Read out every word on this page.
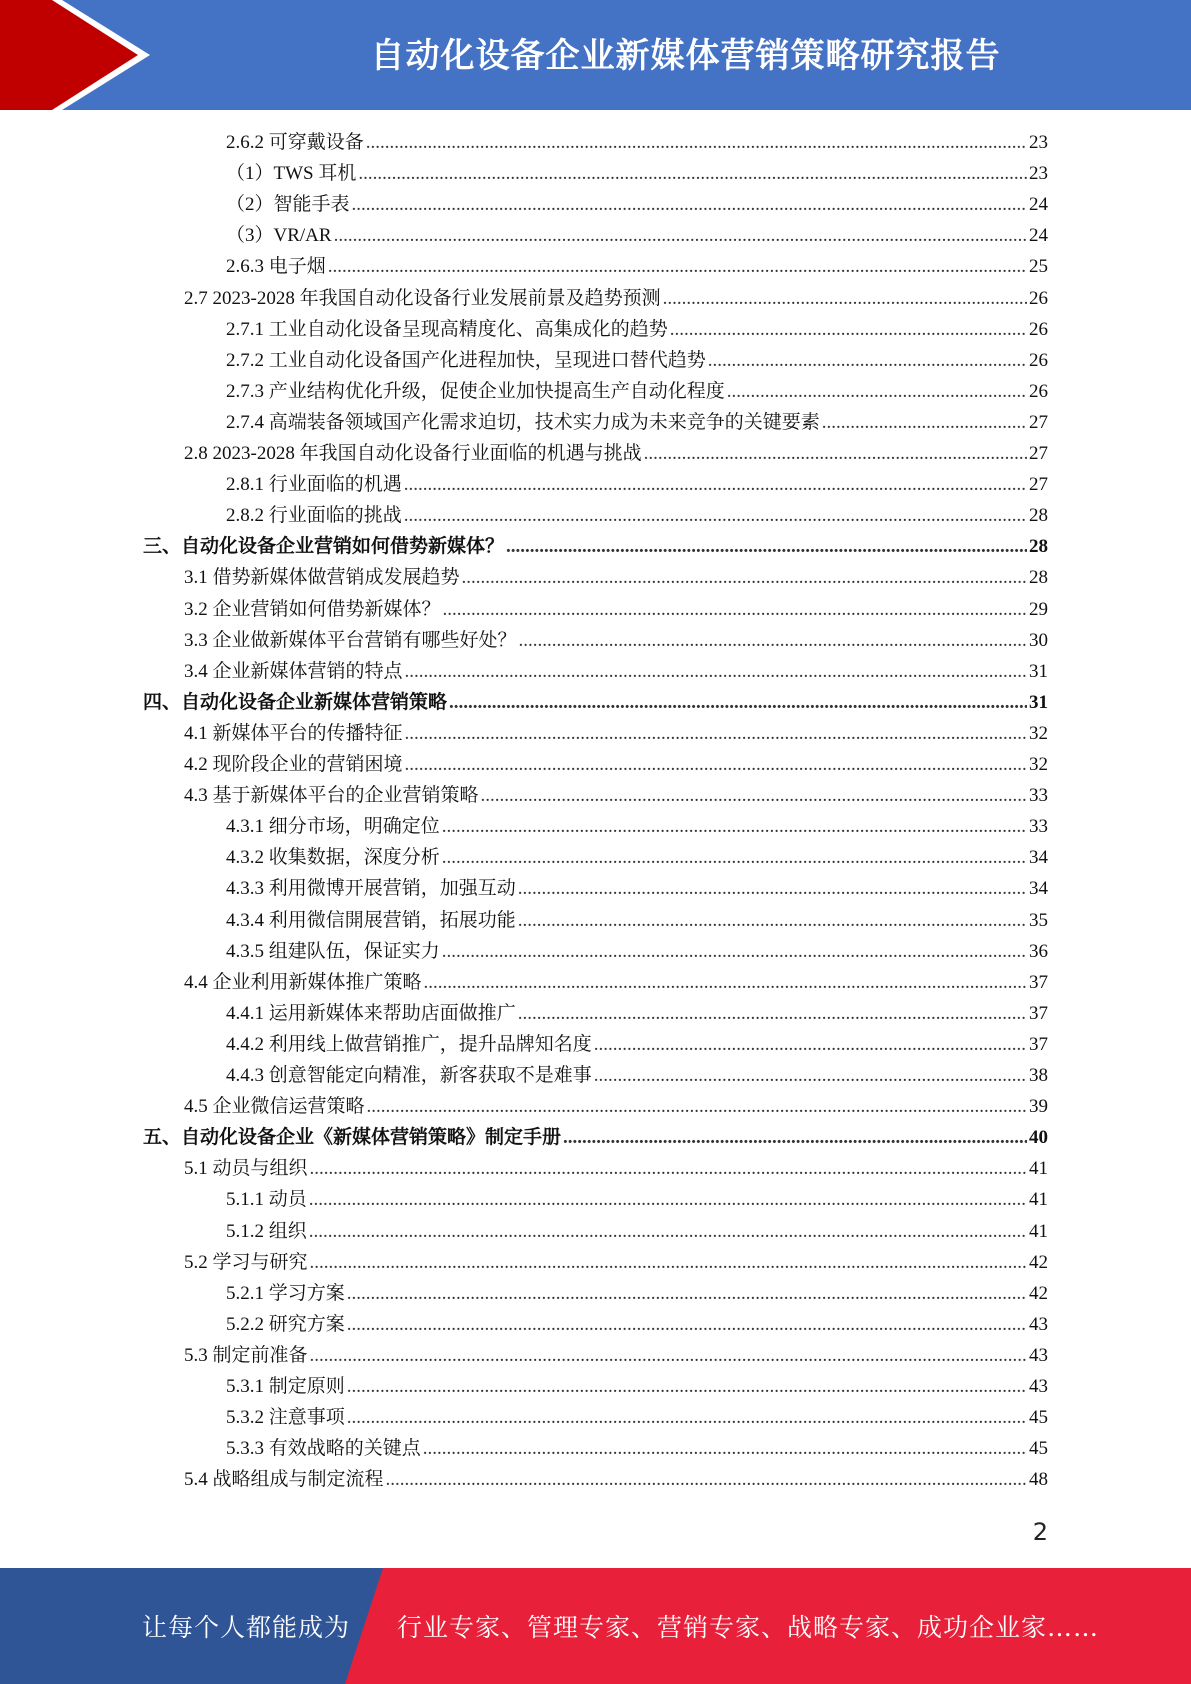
自动化设备企业新媒体营销策略研究报告
2.6.2 可穿戴设备 .....	23
（1）TWS 耳机 .....	23
（2）智能手表 .....	24
（3）VR/AR .....	24
2.6.3 电子烟 .....	25
2.7 2023-2028 年我国自动化设备行业发展前景及趋势预测 .....	26
2.7.1 工业自动化设备呈现高精度化、高集成化的趋势 .....	26
2.7.2 工业自动化设备国产化进程加快，呈现进口替代趋势 .....	26
2.7.3 产业结构优化升级，促使企业加快提高生产自动化程度 .....	26
2.7.4 高端装备领域国产化需求迫切，技术实力成为未来竞争的关键要素 .....	27
2.8 2023-2028 年我国自动化设备行业面临的机遇与挑战 .....	27
2.8.1 行业面临的机遇 .....	27
2.8.2 行业面临的挑战 .....	28
三、自动化设备企业营销如何借势新媒体？ .....	28
3.1 借势新媒体做营销成发展趋势 .....	28
3.2 企业营销如何借势新媒体？ .....	29
3.3 企业做新媒体平台营销有哪些好处？ .....	30
3.4 企业新媒体营销的特点 .....	31
四、自动化设备企业新媒体营销策略 .....	31
4.1 新媒体平台的传播特征 .....	32
4.2 现阶段企业的营销困境 .....	32
4.3 基于新媒体平台的企业营销策略 .....	33
4.3.1 细分市场，明确定位 .....	33
4.3.2 收集数据，深度分析 .....	34
4.3.3 利用微博开展营销，加强互动 .....	34
4.3.4 利用微信開展营销，拓展功能 .....	35
4.3.5 组建队伍，保证实力 .....	36
4.4 企业利用新媒体推广策略 .....	37
4.4.1 运用新媒体来帮助店面做推广 .....	37
4.4.2 利用线上做营销推广，提升品牌知名度 .....	37
4.4.3 创意智能定向精准，新客获取不是难事 .....	38
4.5 企业微信运营策略 .....	39
五、自动化设备企业《新媒体营销策略》制定手册 .....	40
5.1 动员与组织 .....	41
5.1.1 动员 .....	41
5.1.2 组织 .....	41
5.2 学习与研究 .....	42
5.2.1 学习方案 .....	42
5.2.2 研究方案 .....	43
5.3 制定前准备 .....	43
5.3.1 制定原则 .....	43
5.3.2 注意事项 .....	45
5.3.3 有效战略的关键点 .....	45
5.4 战略组成与制定流程 .....	48
2
让每个人都能成为 行业专家、管理专家、营销专家、战略专家、成功企业家……
